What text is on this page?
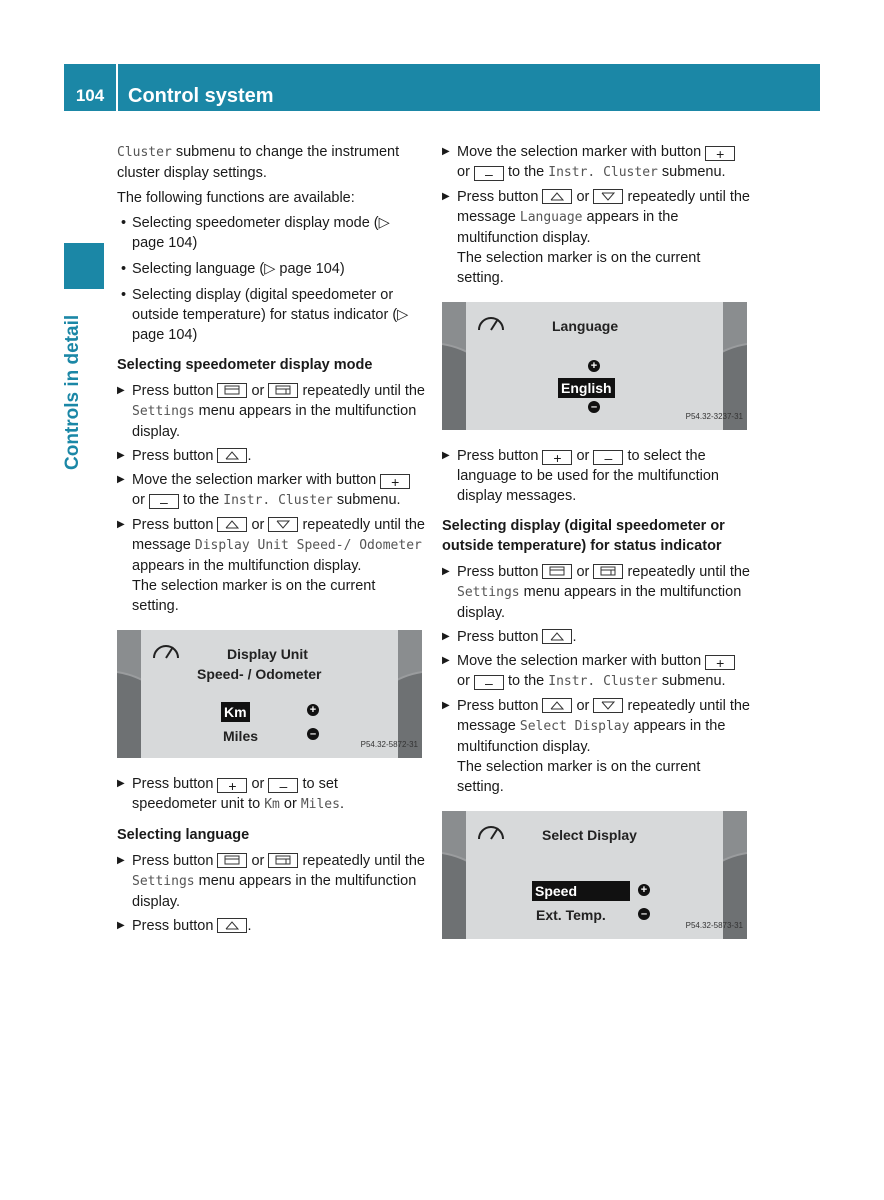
104	Control system
Controls in detail

Cluster submenu to change the instrument cluster display settings.

The following functions are available:

• Selecting speedometer display mode (▷ page 104)
• Selecting language (▷ page 104)
• Selecting display (digital speedometer or outside temperature) for status indicator (▷ page 104)
Selecting speedometer display mode
▶ Press button	or	repeatedly until the Settings menu appears in the multifunction display.
▶ Press button .
▶ Move the selection marker with button + or – to the Instr. Cluster submenu.
▶ Press button	or	repeatedly until the message Display Unit Speed-/ Odometer appears in the multifunction display.
The selection marker is on the current setting.
Display Unit
Speed- / Odometer
Km	+
Miles	–
P54.32-5872-31
▶ Press button + or – to set speedometer unit to Km or Miles.
Selecting language
▶ Press button	or	repeatedly until the Settings menu appears in the multifunction display.
▶ Press button .
▶ Move the selection marker with button + or – to the Instr. Cluster submenu.
▶ Press button	or	repeatedly until the message Language appears in the multifunction display.
The selection marker is on the current setting.
Language
+
English
–
P54.32-3237-31
▶ Press button + or – to select the language to be used for the multifunction display messages.
Selecting display (digital speedometer or outside temperature) for status indicator
▶ Press button	or	repeatedly until the Settings menu appears in the multifunction display.
▶ Press button .
▶ Move the selection marker with button + or – to the Instr. Cluster submenu.
▶ Press button	or	repeatedly until the message Select Display appears in the multifunction display.
The selection marker is on the current setting.
Select Display
Speed	+
Ext. Temp.	–
P54.32-5873-31
